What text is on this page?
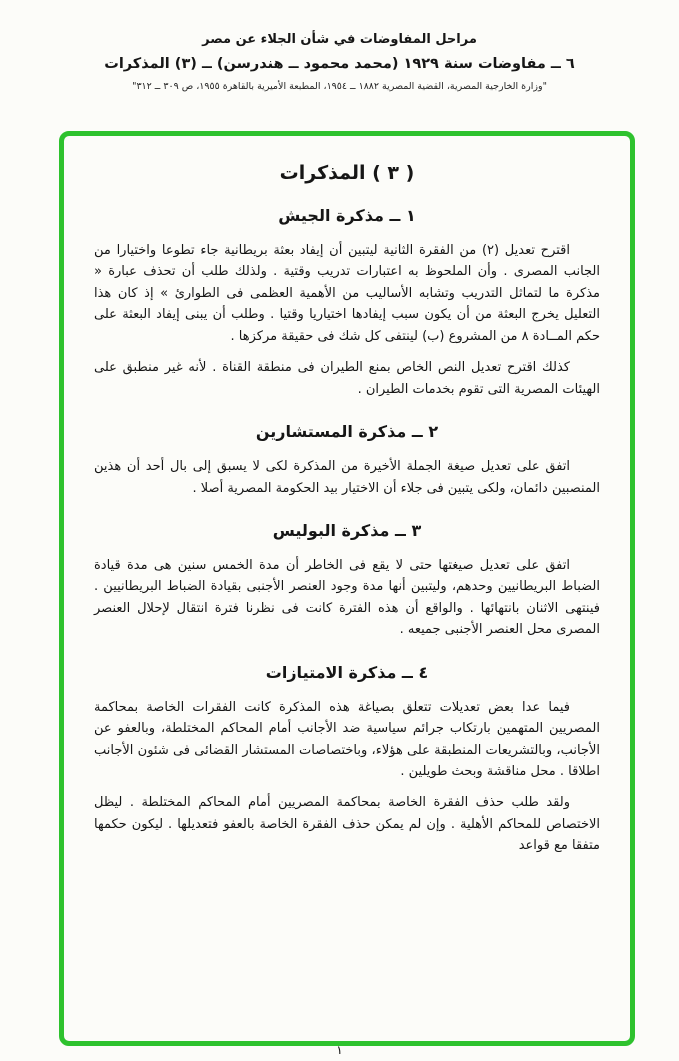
مراحل المفاوضات في شأن الجلاء عن مصر
٦ ــ مفاوضات سنة ١٩٢٩ (محمد محمود ــ هندرسن) ــ (٣) المذكرات
"وزارة الخارجية المصرية، القضية المصرية ١٨٨٢ ــ ١٩٥٤، المطبعة الأميرية بالقاهرة ١٩٥٥، ص ٣٠٩ ــ ٣١٢"
( ٣ ) المذكرات
١ ــ مذكرة الجيش

اقترح تعديل (٢) من الفقرة الثانية ليتبين أن إيفاد بعثة بريطانية جاء تطوعا واختيارا من الجانب المصرى . وأن الملحوظ به اعتبارات تدريب وقتية . ولذلك طلب أن تحذف عبارة « مذكرة ما لتماثل التدريب وتشابه الأساليب من الأهمية العظمى فى الطوارئ » إذ كان هذا التعليل يخرج البعثة من أن يكون سبب إيفادها اختياريا وقتيا . وطلب أن يبنى إيفاد البعثة على حكم المــادة ٨ من المشروع (ب) لينتفى كل شك فى حقيقة مركزها .

كذلك اقترح تعديل النص الخاص بمنع الطيران فى منطقة القناة . لأنه غير منطبق على الهيئات المصرية التى تقوم بخدمات الطيران .

٢ ــ مذكرة المستشارين

اتفق على تعديل صيغة الجملة الأخيرة من المذكرة لكى لا يسبق إلى بال أحد أن هذين المنصبين دائمان، ولكى يتبين فى جلاء أن الاختيار بيد الحكومة المصرية أصلا .

٣ ــ مذكرة البوليس

اتفق على تعديل صيغتها حتى لا يقع فى الخاطر أن مدة الخمس سنين هى مدة قيادة الضباط البريطانيين وحدهم، وليتبين أنها مدة وجود العنصر الأجنبى بقيادة الضباط البريطانيين . فينتهى الاثنان بانتهائها . والواقع أن هذه الفترة كانت فى نظرنا فترة انتقال لإحلال العنصر المصرى محل العنصر الأجنبى جميعه .

٤ ــ مذكرة الامتيازات

فيما عدا بعض تعديلات تتعلق بصياغة هذه المذكرة كانت الفقرات الخاصة بمحاكمة المصريين المتهمين بارتكاب جرائم سياسية ضد الأجانب أمام المحاكم المختلطة، وبالعفو عن الأجانب، وبالتشريعات المنطبقة على هؤلاء، وباختصاصات المستشار القضائى فى شئون الأجانب اطلاقا . محل مناقشة وبحث طويلين .

ولقد طلب حذف الفقرة الخاصة بمحاكمة المصريين أمام المحاكم المختلطة . ليظل الاختصاص للمحاكم الأهلية . وإن لم يمكن حذف الفقرة الخاصة بالعفو فتعديلها . ليكون حكمها متفقا مع قواعد

١
